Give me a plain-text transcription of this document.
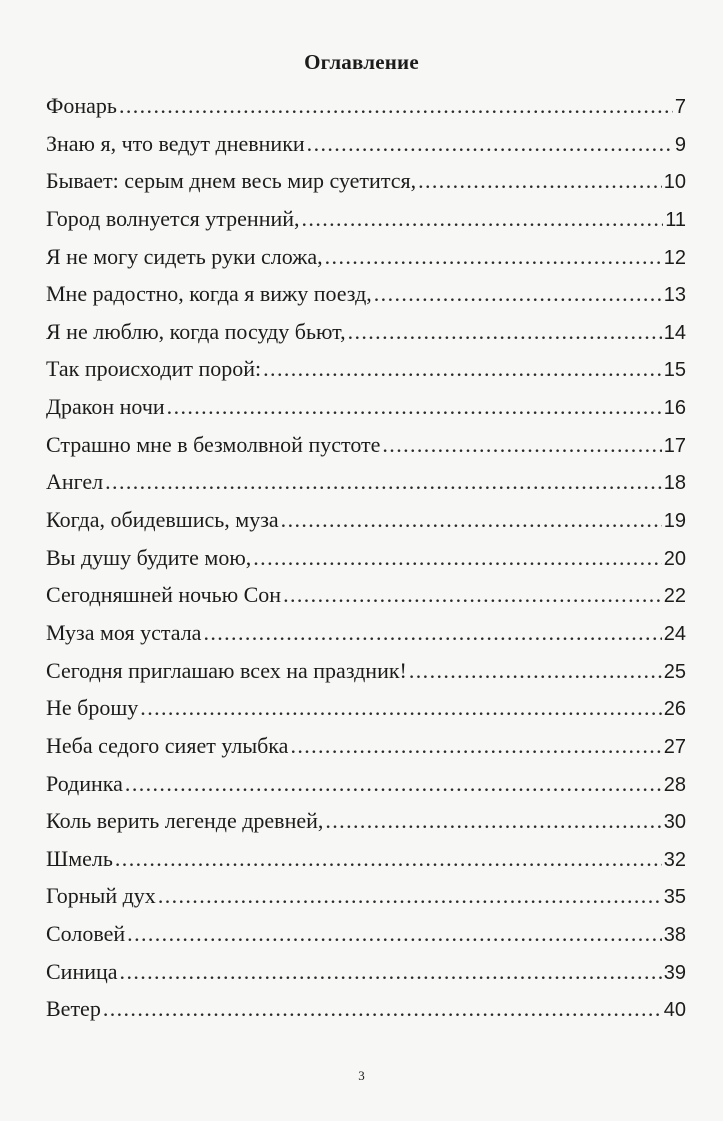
Оглавление
Фонарь .....	7
Знаю я, что ведут дневники .....	9
Бывает: серым днем весь мир суетится, .....	10
Город волнуется утренний, .....	11
Я не могу сидеть руки сложа, .....	12
Мне радостно, когда я вижу поезд, .....	13
Я не люблю, когда посуду бьют, .....	14
Так происходит порой: .....	15
Дракон ночи .....	16
Страшно мне в безмолвной пустоте .....	17
Ангел .....	18
Когда, обидевшись, муза .....	19
Вы душу будите мою, .....	20
Сегодняшней ночью Сон .....	22
Муза моя устала .....	24
Сегодня приглашаю всех на праздник! .....	25
Не брошу .....	26
Неба седого сияет улыбка .....	27
Родинка .....	28
Коль верить легенде древней, .....	30
Шмель .....	32
Горный дух .....	35
Соловей .....	38
Синица .....	39
Ветер .....	40
3
